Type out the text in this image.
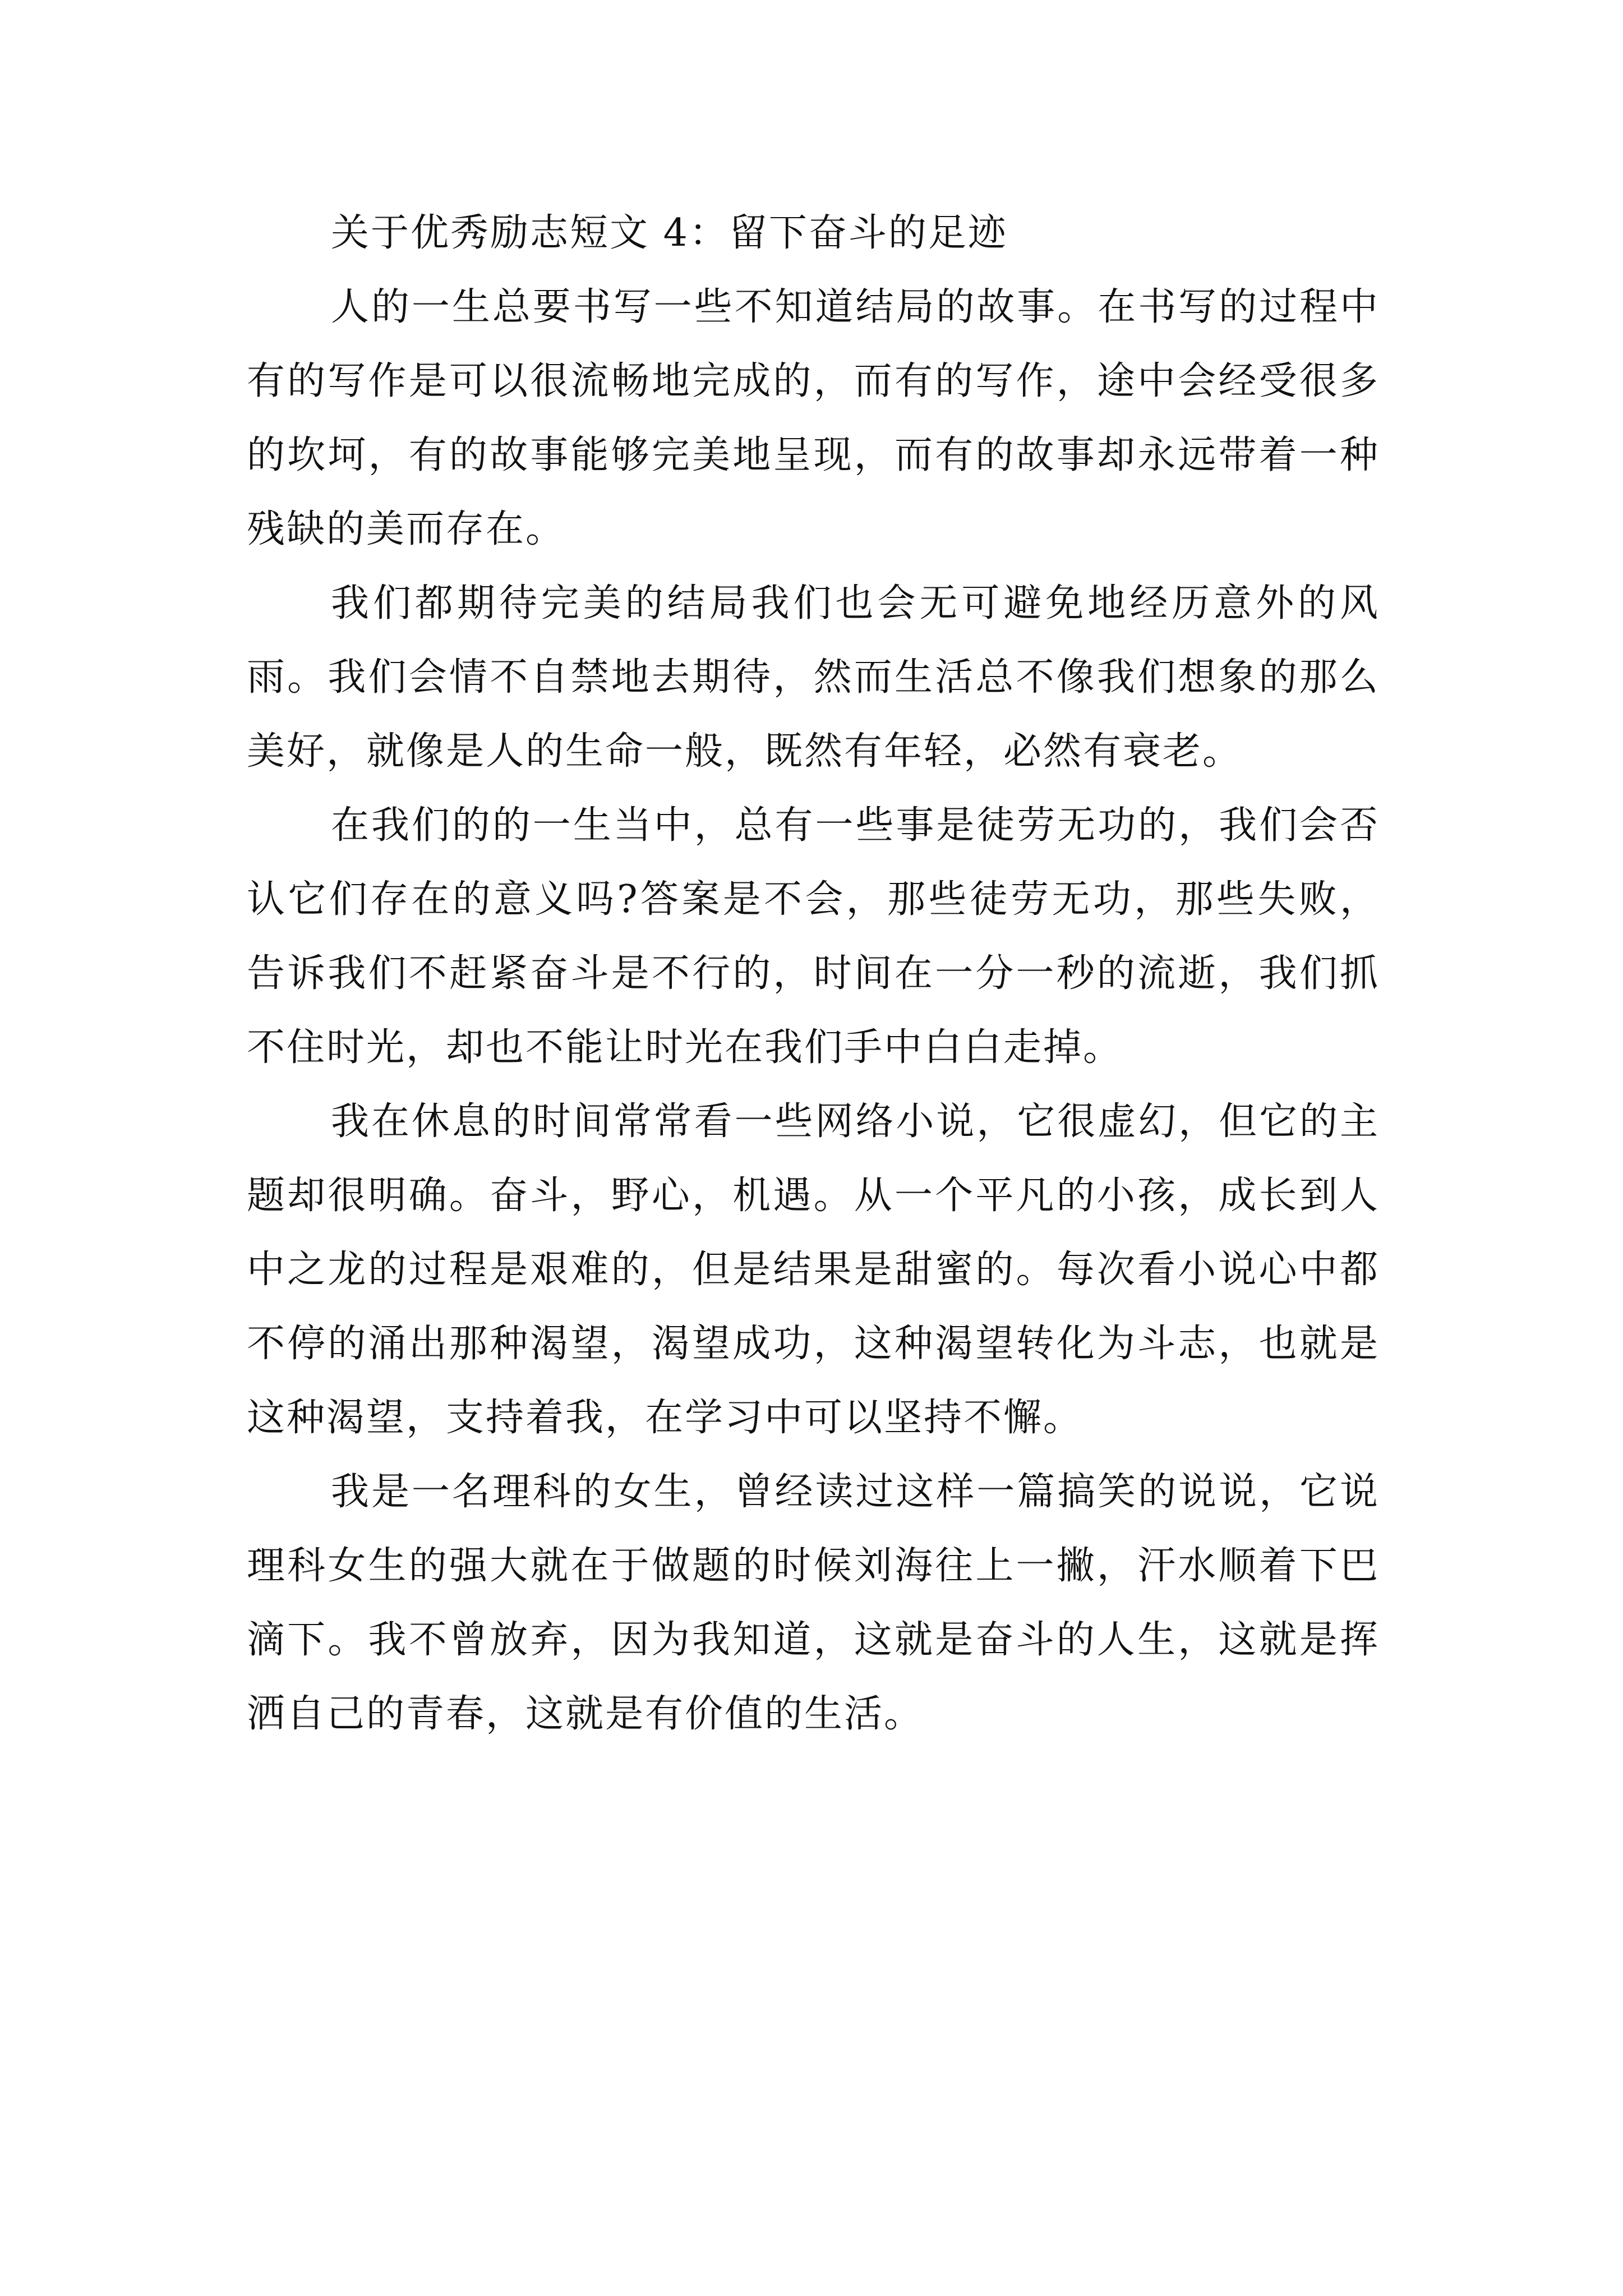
关于优秀励志短文 4：留下奋斗的足迹

人的一生总要书写一些不知道结局的故事。在书写的过程中有的写作是可以很流畅地完成的，而有的写作，途中会经受很多的坎坷，有的故事能够完美地呈现，而有的故事却永远带着一种残缺的美而存在。

我们都期待完美的结局我们也会无可避免地经历意外的风雨。我们会情不自禁地去期待，然而生活总不像我们想象的那么美好，就像是人的生命一般，既然有年轻，必然有衰老。

在我们的的一生当中，总有一些事是徒劳无功的，我们会否认它们存在的意义吗?答案是不会，那些徒劳无功，那些失败，告诉我们不赶紧奋斗是不行的，时间在一分一秒的流逝，我们抓不住时光，却也不能让时光在我们手中白白走掉。

我在休息的时间常常看一些网络小说，它很虚幻，但它的主题却很明确。奋斗，野心，机遇。从一个平凡的小孩，成长到人中之龙的过程是艰难的，但是结果是甜蜜的。每次看小说心中都不停的涌出那种渴望，渴望成功，这种渴望转化为斗志，也就是这种渴望，支持着我，在学习中可以坚持不懈。

我是一名理科的女生，曾经读过这样一篇搞笑的说说，它说理科女生的强大就在于做题的时候刘海往上一撇，汗水顺着下巴滴下。我不曾放弃，因为我知道，这就是奋斗的人生，这就是挥洒自己的青春，这就是有价值的生活。
